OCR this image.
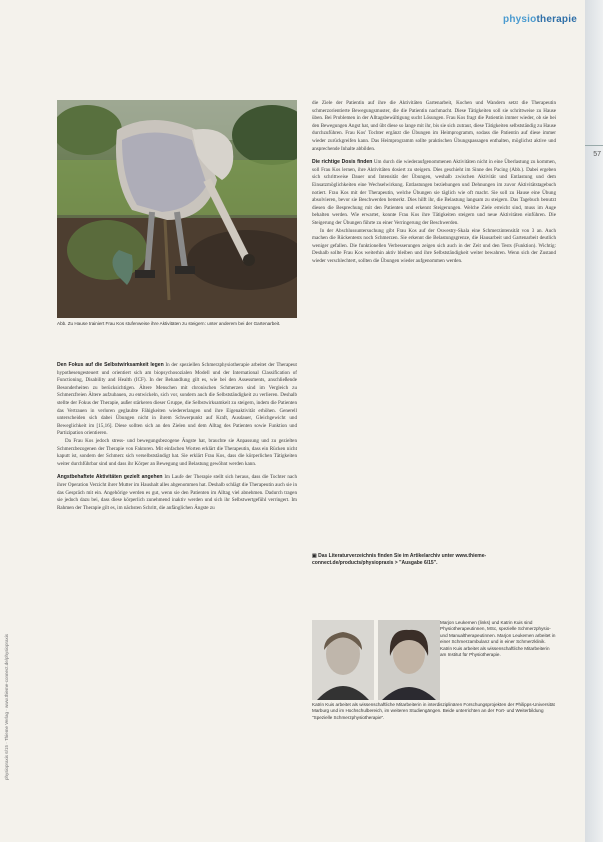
57
physiotherapie
Abb. Zu Hause trainiert Frau Kos stufenweise ihre Aktivitäten zu steigern: unter anderem bei der Gartenarbeit.

Den Fokus auf die Selbstwirksamkeit legen In der speziellen Schmerzphysiotherapie arbeitet der Therapeut hypothesengesteuert und orientiert sich am biopsychosozialen Modell und der International Classification of Functioning, Disability and Health (ICF). In der Behandlung gilt es, wie bei den Assessments, anschließende Besonderheiten zu berücksichtigen. Ältere Menschen mit chronischen Schmerzen sind im Vergleich zu Schmerzfreien Ältere aufzubauen, zu entwickeln, sich vor, sondern auch die Selbstständigkeit zu verlieren. Deshalb stellte der Fokus der Therapie, außer stärkeren dieser Gruppe, die Selbstwirksamkeit zu steigern, indem die Patienten das Vertrauen in verloren geglaubte Fähigkeiten wiedererlangen und ihre Eigenaktivität erhöhen. Generell unterscheiden sich dabei Übungen nicht in ihrem Schwerpunkt auf Kraft, Ausdauer, Gleichgewicht und Beweglichkeit im [15,16]. Diese sollten sich an den Zielen und dem Alltag des Patienten sowie Funktion und Partizipation orientieren.

Da Frau Kos jedoch stress- und bewegungsbezogene Ängste hat, brauchte sie Anpassung und zu gezielten Schmerzbezogenen der Therapie von Faktoren. Mit einfachen Worten erklärt die Therapeutin, dass ein Rücken nicht kaputt ist, sondern der Schmerz sich verselbstständigt hat. Sie erklärt Frau Kos, dass die körperlichen Tätigkeiten weiter durchführbar sind und dass ihr Körper an Bewegung und Belastung gewöhnt werden kann.

Angstbehaftete Aktivitäten gezielt angehen Im Laufe der Therapie stellt sich heraus, dass die Tochter nach ihrer Operation Verzicht ihrer Mutter im Haushalt alles abgenommen hat. Deshalb schlägt die Therapeutin auch sie in das Gespräch mit ein. Angehörige werden es gut, wenn sie den Patienten im Alltag viel abnehmen. Dadurch tragen sie jedoch dazu bei, dass diese körperlich zunehmend inaktiv werden und sich ihr Selbstwertgefühl verringert. Im Rahmen der Therapie gilt es, im nächsten Schritt, die anfänglichen Ängste zu

die Ziele der Patientin auf ihre die Aktivitäten Gartenarbeit, Kochen und Wandern setzt die Therapeutin schmerzorientierte Bewegungsmuster, die die Patientin nachmacht. Diese Tätigkeiten soll sie schrittweise zu Hause üben. Bei Problemen in der Alltagsbewältigung sucht Lösungen. Frau Kos fragt die Patientin immer wieder, ob sie bei den Bewegungen Angst hat, und übt diese so lange mit ihr, bis sie sich zutraut, diese Tätigkeiten selbstständig zu Hause durchzuführen. Frau Kos' Tochter ergänzt die Übungen im Heimprogramm, sodass die Patientin auf diese immer wieder zurückgreifen kann. Das Heimprogramm sollte praktischen Übungspassagen enthalten, möglichst aktive und ansprechende Inhalte abbilden.

Die richtige Dosis finden Um durch die wiederaufgenommenen Aktivitäten nicht in eine Überlastung zu kommen, soll Frau Kos lernen, ihre Aktivitäten dosiert zu steigern. Dies geschieht im Sinne des Pacing (Abb.). Dabei ergeben sich schrittweise Dauer und Intensität der Übungen, weshalb zwischen Aktivität und Entlastung und dem Einsatzmöglichkeiten eine Wechselwirkung. Entlastungen beziehungen und Dehnungen im zuvor Aktivitätstagebuch notiert. Frau Kos mit der Therapeutin, welche Übungen sie täglich wie oft macht. Sie soll zu Hause eine Übung absolvieren, bevor sie Beschwerden bemerkt. Dies hilft ihr, die Belastung langsam zu steigern. Das Tagebuch benutzt diesen die Besprechung mit den Patienten und erkennt Steigerungen. Welche Ziele erreicht sind, muss im Auge behalten werden. Wie erwartet, konnte Frau Kos ihre Tätigkeiten steigern und neue Aktivitäten einführen. Die Steigerung der Übungen führte zu einer Verringerung der Beschwerden.

In der Abschlussuntersuchung gibt Frau Kos auf der Oswestry-Skala eine Schmerzintensität von 3 an. Auch machen die Rückentests noch Schmerzen. Sie erkennt die Belastungsgrenze, die Hausarbeit und Gartenarbeit deutlich weniger gefallen. Die funktionellen Verbesserungen zeigen sich auch in der Zeit und den Tests (Funktion). Wichtig: Deshalb sollte Frau Kos weiterhin aktiv bleiben und ihre Selbstständigkeit weiter bewahren. Wenn sich der Zustand wieder verschlechtert, sollten die Übungen wieder aufgenommen werden.

▣ Das Literaturverzeichnis finden Sie im Artikelarchiv unter www.thieme-connect.de/products/physiopraxis > "Ausgabe 6/15".
Marjon Leukemen (links) und Katrin Kuis sind Physiotherapeutinnen, MSc, spezielle Schmerzphysio- und Manualtherapeutinnen. Marjon Leukemen arbeitet in einer Schmerzambulanz und in einer Schmerzklinik. Katrin Kuis arbeitet als wissenschaftliche Mitarbeiterin am Institut für Physiotherapie.
Katrin Kuis arbeitet als wissenschaftliche Mitarbeiterin in interdisziplinären Forschungsprojekten der Philipps-Universität Marburg und im Hochschulbereich, im weiteren Studiengängen. Beide unterrichten an der Fort- und Weiterbildung "Spezielle Schmerzphysiotherapie".
physiopraxis 6/15 · Thieme Verlag · www.thieme-connect.de/physiopraxis
